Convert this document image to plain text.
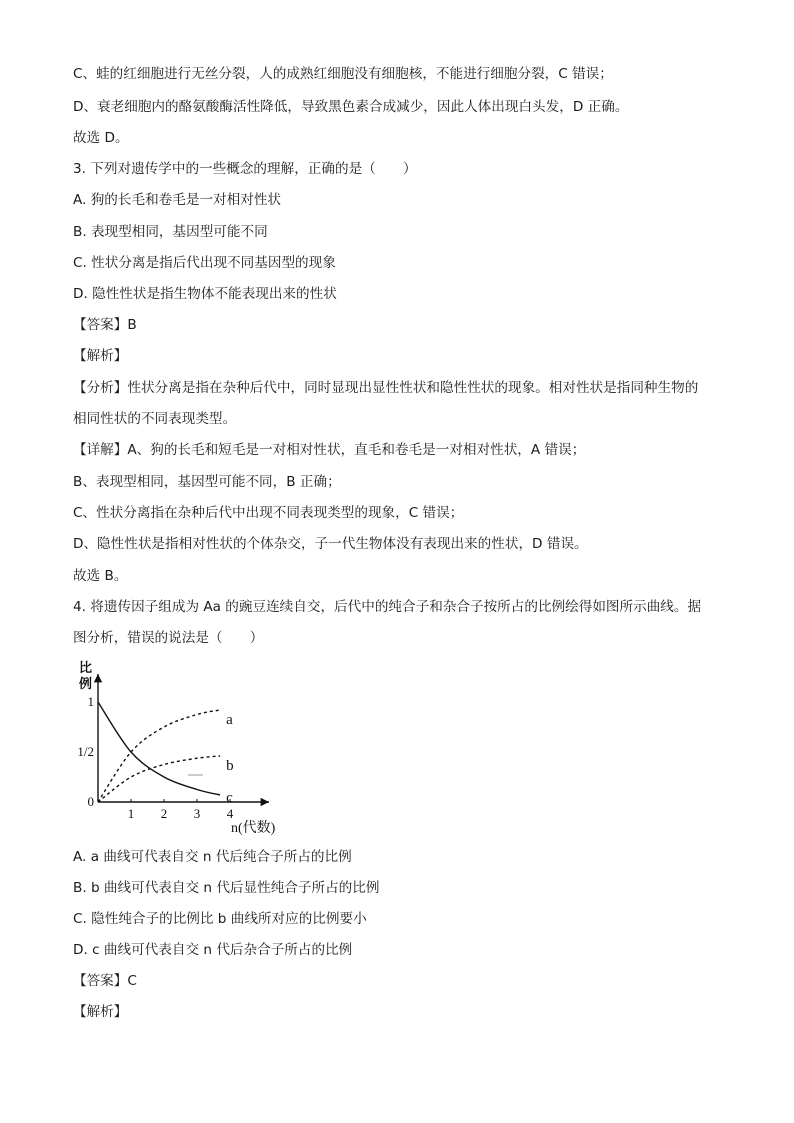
C、蛙的红细胞进行无丝分裂，人的成熟红细胞没有细胞核，不能进行细胞分裂，C 错误；
D、衰老细胞内的酪氨酸酶活性降低，导致黑色素合成减少，因此人体出现白头发，D 正确。
故选 D。
3. 下列对遗传学中的一些概念的理解，正确的是（　　）
A. 狗的长毛和卷毛是一对相对性状
B. 表现型相同，基因型可能不同
C. 性状分离是指后代出现不同基因型的现象
D. 隐性性状是指生物体不能表现出来的性状
【答案】B
【解析】
【分析】性状分离是指在杂种后代中，同时显现出显性性状和隐性性状的现象。相对性状是指同种生物的
相同性状的不同表现类型。
【详解】A、狗的长毛和短毛是一对相对性状，直毛和卷毛是一对相对性状，A 错误；
B、表现型相同，基因型可能不同，B 正确；
C、性状分离指在杂种后代中出现不同表现类型的现象，C 错误；
D、隐性性状是指相对性状的个体杂交，子一代生物体没有表现出来的性状，D 错误。
故选 B。
4. 将遗传因子组成为 Aa 的豌豆连续自交，后代中的纯合子和杂合子按所占的比例绘得如图所示曲线。据
图分析，错误的说法是（　　）
比
例
n(代数)
0
1/2
1
1 2 3 4
a
b
c
A. a 曲线可代表自交 n 代后纯合子所占的比例
B. b 曲线可代表自交 n 代后显性纯合子所占的比例
C. 隐性纯合子的比例比 b 曲线所对应的比例要小
D. c 曲线可代表自交 n 代后杂合子所占的比例
【答案】C
【解析】
